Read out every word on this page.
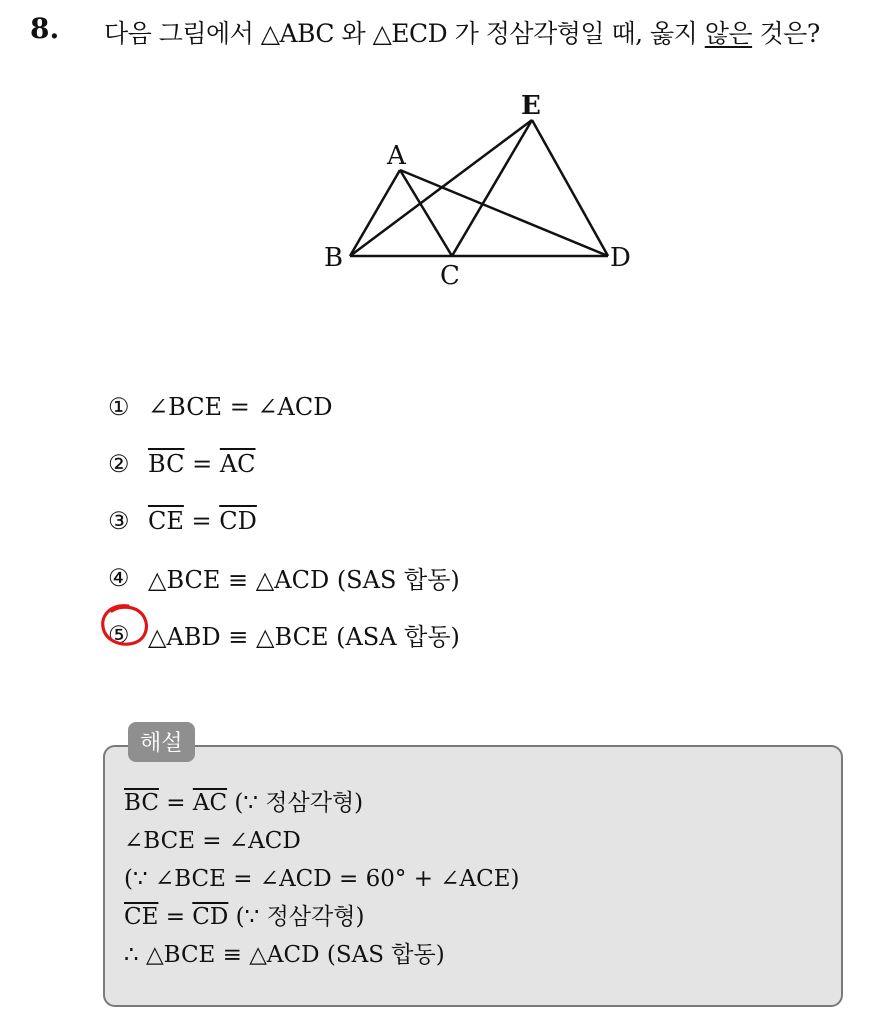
8. 다음 그림에서 △ABC 와 △ECD 가 정삼각형일 때, 옳지 않은 것은?
A
B
C
D
E
① ∠BCE = ∠ACD
② $\overline{BC} = \overline{AC}$
③ $\overline{CE} = \overline{CD}$
④ △BCE ≡ △ACD (SAS 합동)
⑤ △ABD ≡ △BCE (ASA 합동)
해설
$\overline{BC} = \overline{AC}$ (∵ 정삼각형)
∠BCE = ∠ACD
(∵ ∠BCE = ∠ACD = 60° + ∠ACE)
$\overline{CE} = \overline{CD}$ (∵ 정삼각형)
∴ △BCE ≡ △ACD (SAS 합동)
